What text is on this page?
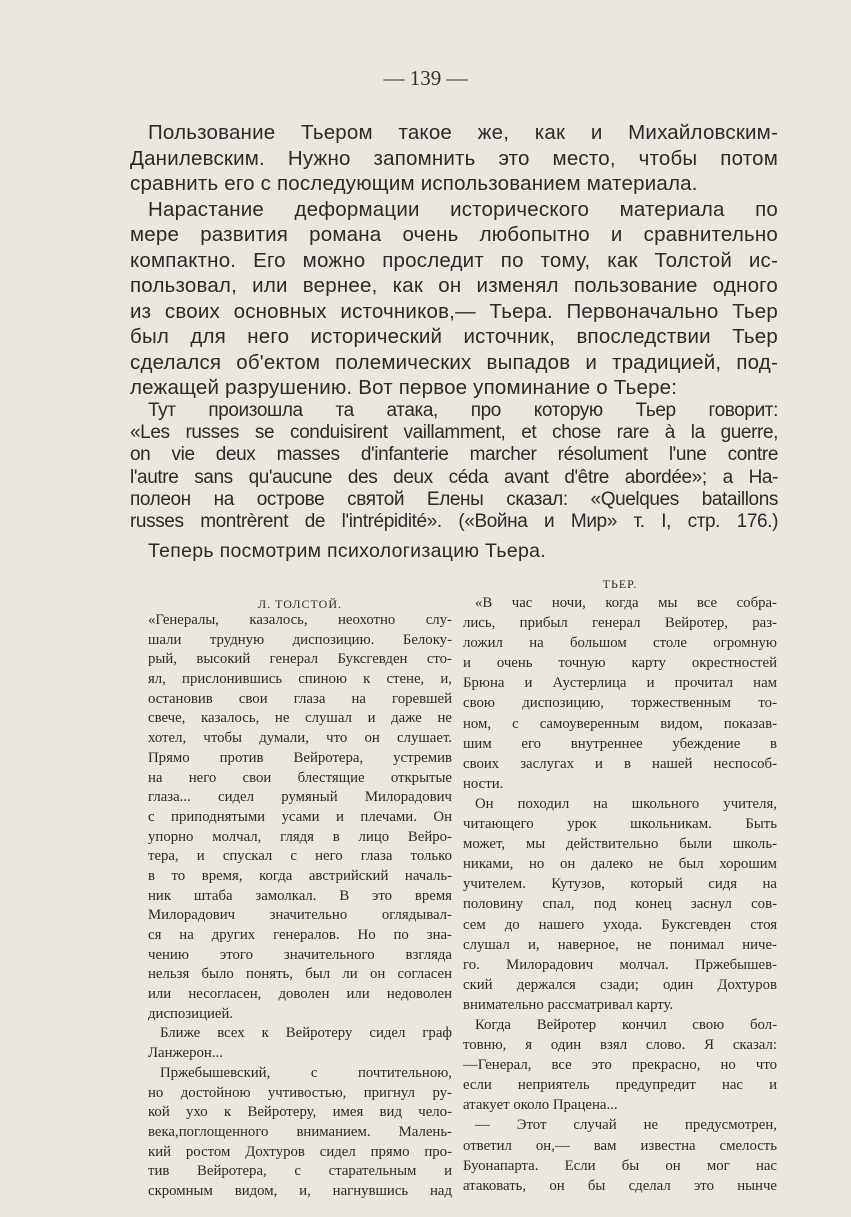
— 139 —
Пользование Тьером такое же, как и Михайловским-
Данилевским. Нужно запомнить это место, чтобы потом
сравнить его с последующим использованием материала.
Нарастание деформации исторического материала по
мере развития романа очень любопытно и сравнительно
компактно. Его можно проследит по тому, как Толстой ис-
пользовал, или вернее, как он изменял пользование одного
из своих основных источников,— Тьера. Первоначально Тьер
был для него исторический источник, впоследствии Тьер
сделался об'ектом полемических выпадов и традицией, под-
лежащей разрушению. Вот первое упоминание о Тьере:
Тут произошла та атака, про которую Тьер говорит:
«Les russes se conduisirent vaillamment, et chose rare à la guerre,
on vie deux masses d'infanterie marcher résolument l'une contre
l'autre sans qu'aucune des deux céda avant d'être abordée»; a На-
полеон на острове святой Елены сказал: «Quelques bataillons
russes montrèrent de l'intrépidité». («Война и Мир» т. I, стр. 176.)
Теперь посмотрим психологизацию Тьера.
Л. ТОЛСТОЙ.
ТЬЕР.
«Генералы, казалось, неохотно слу-
шали трудную диспозицию. Белоку-
рый, высокий генерал Буксгевден сто-
ял, прислонившись спиною к стене, и,
остановив свои глаза на горевшей
свече, казалось, не слушал и даже не
хотел, чтобы думали, что он слушает.
Прямо против Вейротера, устремив
на него свои блестящие открытые
глаза... сидел румяный Милорадович
с приподнятыми усами и плечами. Он
упорно молчал, глядя в лицо Вейро-
тера, и спускал с него глаза только
в то время, когда австрийский началь-
ник штаба замолкал. В это время
Милорадович значительно оглядывал-
ся на других генералов. Но по зна-
чению этого значительного взгляда
нельзя было понять, был ли он согласен
или несогласен, доволен или недоволен
диспозицией.
Ближе всех к Вейротеру сидел граф
Ланжерон...
Пржебышевский, с почтительною,
но достойною учтивостью, пригнул ру-
кой ухо к Вейротеру, имея вид чело-
века,поглощенного вниманием. Малень-
кий ростом Дохтуров сидел прямо про-
тив Вейротера, с старательным и
скромным видом, и, нагнувшись над
«В час ночи, когда мы все собра-
лись, прибыл генерал Вейротер, раз-
ложил на большом столе огромную
и очень точную карту окрестностей
Брюна и Аустерлица и прочитал нам
свою диспозицию, торжественным то-
ном, с самоуверенным видом, показав-
шим его внутреннее убеждение в
своих заслугах и в нашей неспособ-
ности.
Он походил на школьного учителя,
читающего урок школьникам. Быть
может, мы действительно были школь-
никами, но он далеко не был хорошим
учителем. Кутузов, который сидя на
половину спал, под конец заснул сов-
сем до нашего ухода. Буксгевден стоя
слушал и, наверное, не понимал ниче-
го. Милорадович молчал. Пржебышев-
ский держался сзади; один Дохтуров
внимательно рассматривал карту.
Когда Вейротер кончил свою бол-
товню, я один взял слово. Я сказал:
—Генерал, все это прекрасно, но что
если неприятель предупредит нас и
атакует около Праценa...
— Этот случай не предусмотрен,
ответил он,— вам известна смелость
Буонапарта. Если бы он мог нас
атаковать, он бы сделал это нынче
